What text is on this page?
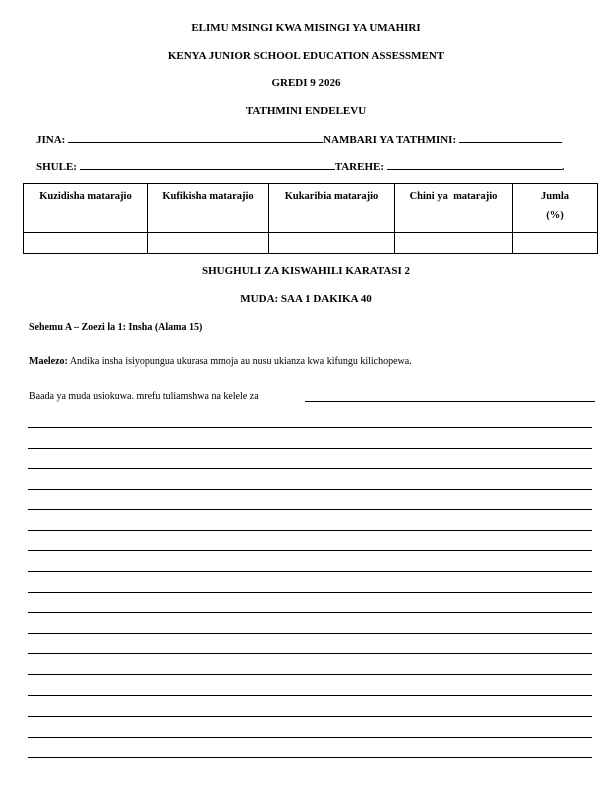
ELIMU MSINGI KWA MISINGI YA UMAHIRI
KENYA JUNIOR SCHOOL EDUCATION ASSESSMENT
GREDI 9 2026
TATHMINI ENDELEVU
JINA:	NAMBARI YA TATHMINI:
SHULE:	TAREHE:	.
Kuzidisha matarajio	Kufikisha matarajio	Kukaribia matarajio	Chini ya  matarajio	Jumla
(%)

SHUGHULI ZA KISWAHILI KARATASI 2
MUDA: SAA 1 DAKIKA 40
Sehemu A – Zoezi la 1: Insha (Alama 15)
Maelezo: Andika insha isiyopungua ukurasa mmoja au nusu ukianza kwa kifungu kilichopewa.
Baada ya muda usiokuwa. mrefu tuliamshwa na kelele za
